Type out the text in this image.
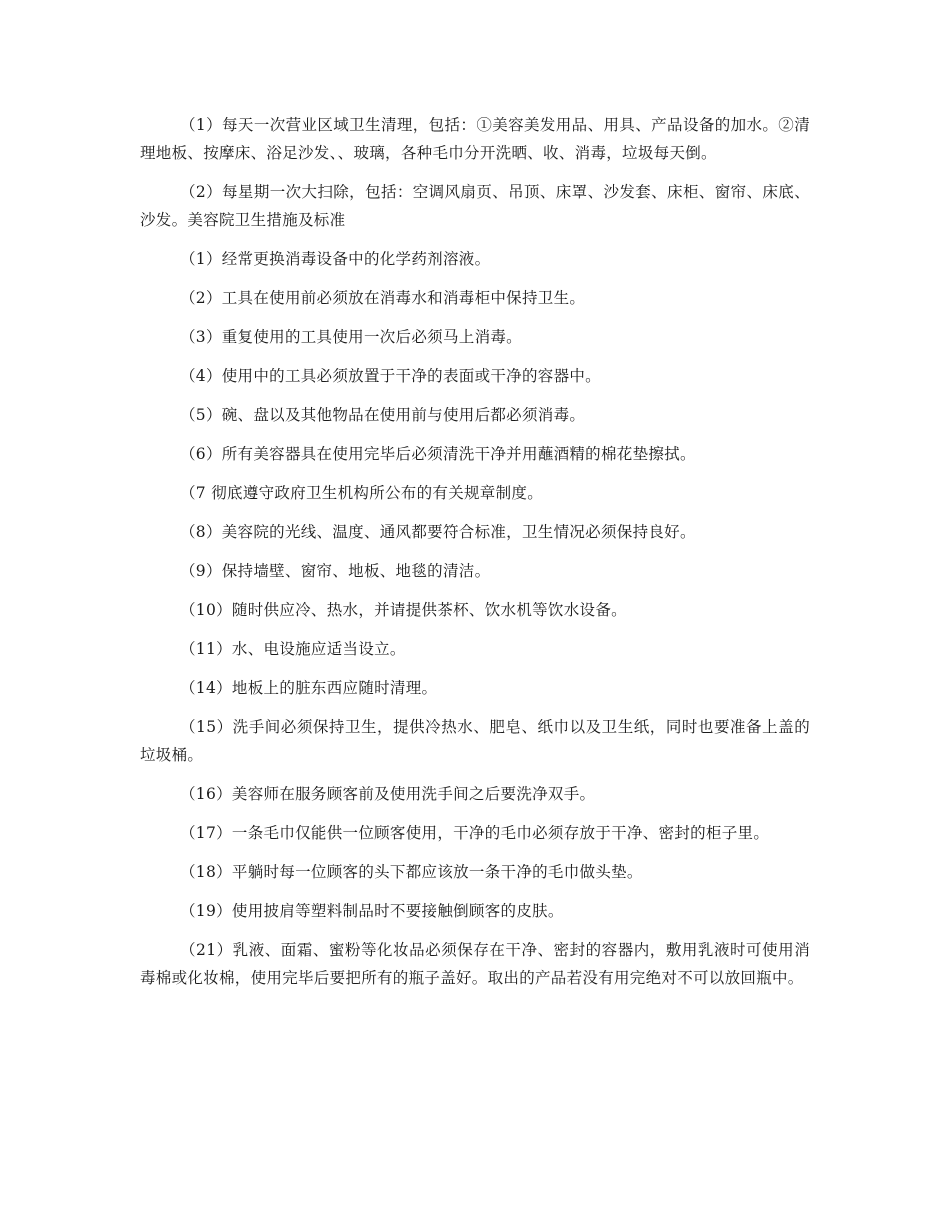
（1）每天一次营业区域卫生清理，包括：①美容美发用品、用具、产品设备的加水。②清理地板、按摩床、浴足沙发、、玻璃，各种毛巾分开洗晒、收、消毒，垃圾每天倒。

（2）每星期一次大扫除，包括：空调风扇页、吊顶、床罩、沙发套、床柜、窗帘、床底、沙发。美容院卫生措施及标准

（1）经常更换消毒设备中的化学药剂溶液。

（2）工具在使用前必须放在消毒水和消毒柜中保持卫生。

（3）重复使用的工具使用一次后必须马上消毒。

（4）使用中的工具必须放置于干净的表面或干净的容器中。

（5）碗、盘以及其他物品在使用前与使用后都必须消毒。

（6）所有美容器具在使用完毕后必须清洗干净并用蘸酒精的棉花垫擦拭。

（7 彻底遵守政府卫生机构所公布的有关规章制度。

（8）美容院的光线、温度、通风都要符合标准，卫生情况必须保持良好。

（9）保持墙壁、窗帘、地板、地毯的清洁。

（10）随时供应冷、热水，并请提供茶杯、饮水机等饮水设备。

（11）水、电设施应适当设立。

（14）地板上的脏东西应随时清理。

（15）洗手间必须保持卫生，提供冷热水、肥皂、纸巾以及卫生纸，同时也要准备上盖的垃圾桶。

（16）美容师在服务顾客前及使用洗手间之后要洗净双手。

（17）一条毛巾仅能供一位顾客使用，干净的毛巾必须存放于干净、密封的柜子里。

（18）平躺时每一位顾客的头下都应该放一条干净的毛巾做头垫。

（19）使用披肩等塑料制品时不要接触倒顾客的皮肤。

（21）乳液、面霜、蜜粉等化妆品必须保存在干净、密封的容器内，敷用乳液时可使用消毒棉或化妆棉，使用完毕后要把所有的瓶子盖好。取出的产品若没有用完绝对不可以放回瓶中。
